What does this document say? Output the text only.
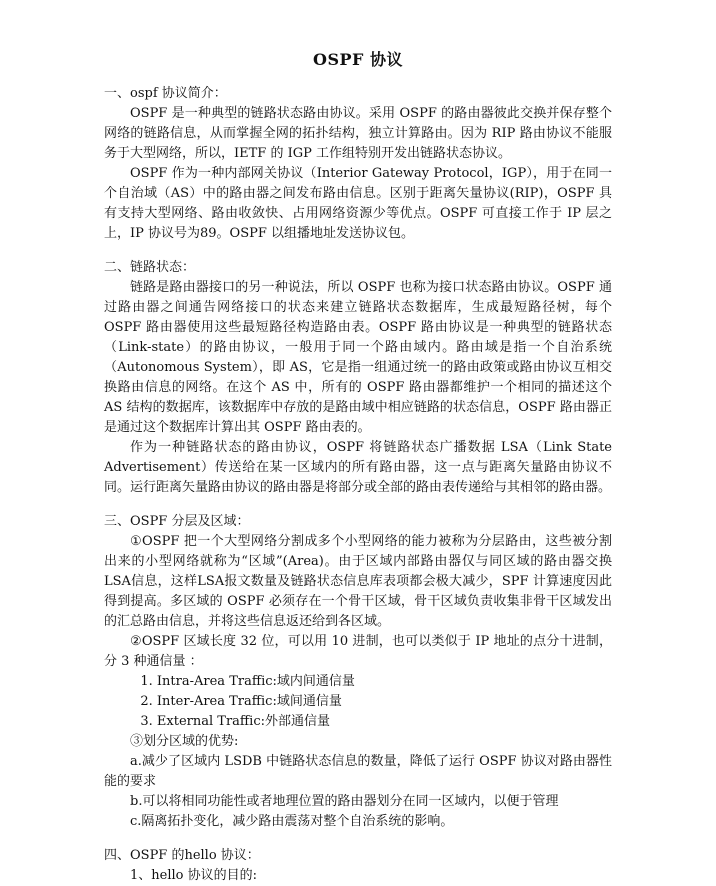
OSPF 协议
一、ospf 协议简介：

OSPF 是一种典型的链路状态路由协议。采用 OSPF 的路由器彼此交换并保存整个网络的链路信息，从而掌握全网的拓扑结构，独立计算路由。因为 RIP 路由协议不能服务于大型网络，所以，IETF 的 IGP 工作组特别开发出链路状态协议。

OSPF 作为一种内部网关协议（Interior Gateway Protocol，IGP），用于在同一个自治域（AS）中的路由器之间发布路由信息。区别于距离矢量协议(RIP)，OSPF 具有支持大型网络、路由收敛快、占用网络资源少等优点。OSPF 可直接工作于 IP 层之上，IP 协议号为89。OSPF 以组播地址发送协议包。

二、链路状态：

链路是路由器接口的另一种说法，所以 OSPF 也称为接口状态路由协议。OSPF 通过路由器之间通告网络接口的状态来建立链路状态数据库，生成最短路径树，每个 OSPF 路由器使用这些最短路径构造路由表。OSPF 路由协议是一种典型的链路状态（Link-state）的路由协议，一般用于同一个路由域内。路由域是指一个自治系统（Autonomous System），即 AS，它是指一组通过统一的路由政策或路由协议互相交换路由信息的网络。在这个 AS 中，所有的 OSPF 路由器都维护一个相同的描述这个 AS 结构的数据库，该数据库中存放的是路由域中相应链路的状态信息，OSPF 路由器正是通过这个数据库计算出其 OSPF 路由表的。

作为一种链路状态的路由协议，OSPF 将链路状态广播数据 LSA（Link State Advertisement）传送给在某一区域内的所有路由器，这一点与距离矢量路由协议不同。运行距离矢量路由协议的路由器是将部分或全部的路由表传递给与其相邻的路由器。

三、OSPF 分层及区域：

①OSPF 把一个大型网络分割成多个小型网络的能力被称为分层路由，这些被分割出来的小型网络就称为“区域”(Area)。由于区域内部路由器仅与同区域的路由器交换LSA信息，这样LSA报文数量及链路状态信息库表项都会极大减少，SPF 计算速度因此得到提高。多区域的 OSPF 必须存在一个骨干区域，骨干区域负责收集非骨干区域发出的汇总路由信息，并将这些信息返还给到各区域。

②OSPF 区域长度 32 位，可以用 10 进制，也可以类似于 IP 地址的点分十进制，分 3 种通信量 ：

1. Intra-Area Traffic:域内间通信量
2. Inter-Area Traffic:域间通信量
3. External Traffic:外部通信量
③划分区域的优势:

a.减少了区域内 LSDB 中链路状态信息的数量，降低了运行 OSPF 协议对路由器性能的要求

b.可以将相同功能性或者地理位置的路由器划分在同一区域内，以便于管理

c.隔离拓扑变化，减少路由震荡对整个自治系统的影响。

四、OSPF 的hello 协议：
1、hello 协议的目的:
